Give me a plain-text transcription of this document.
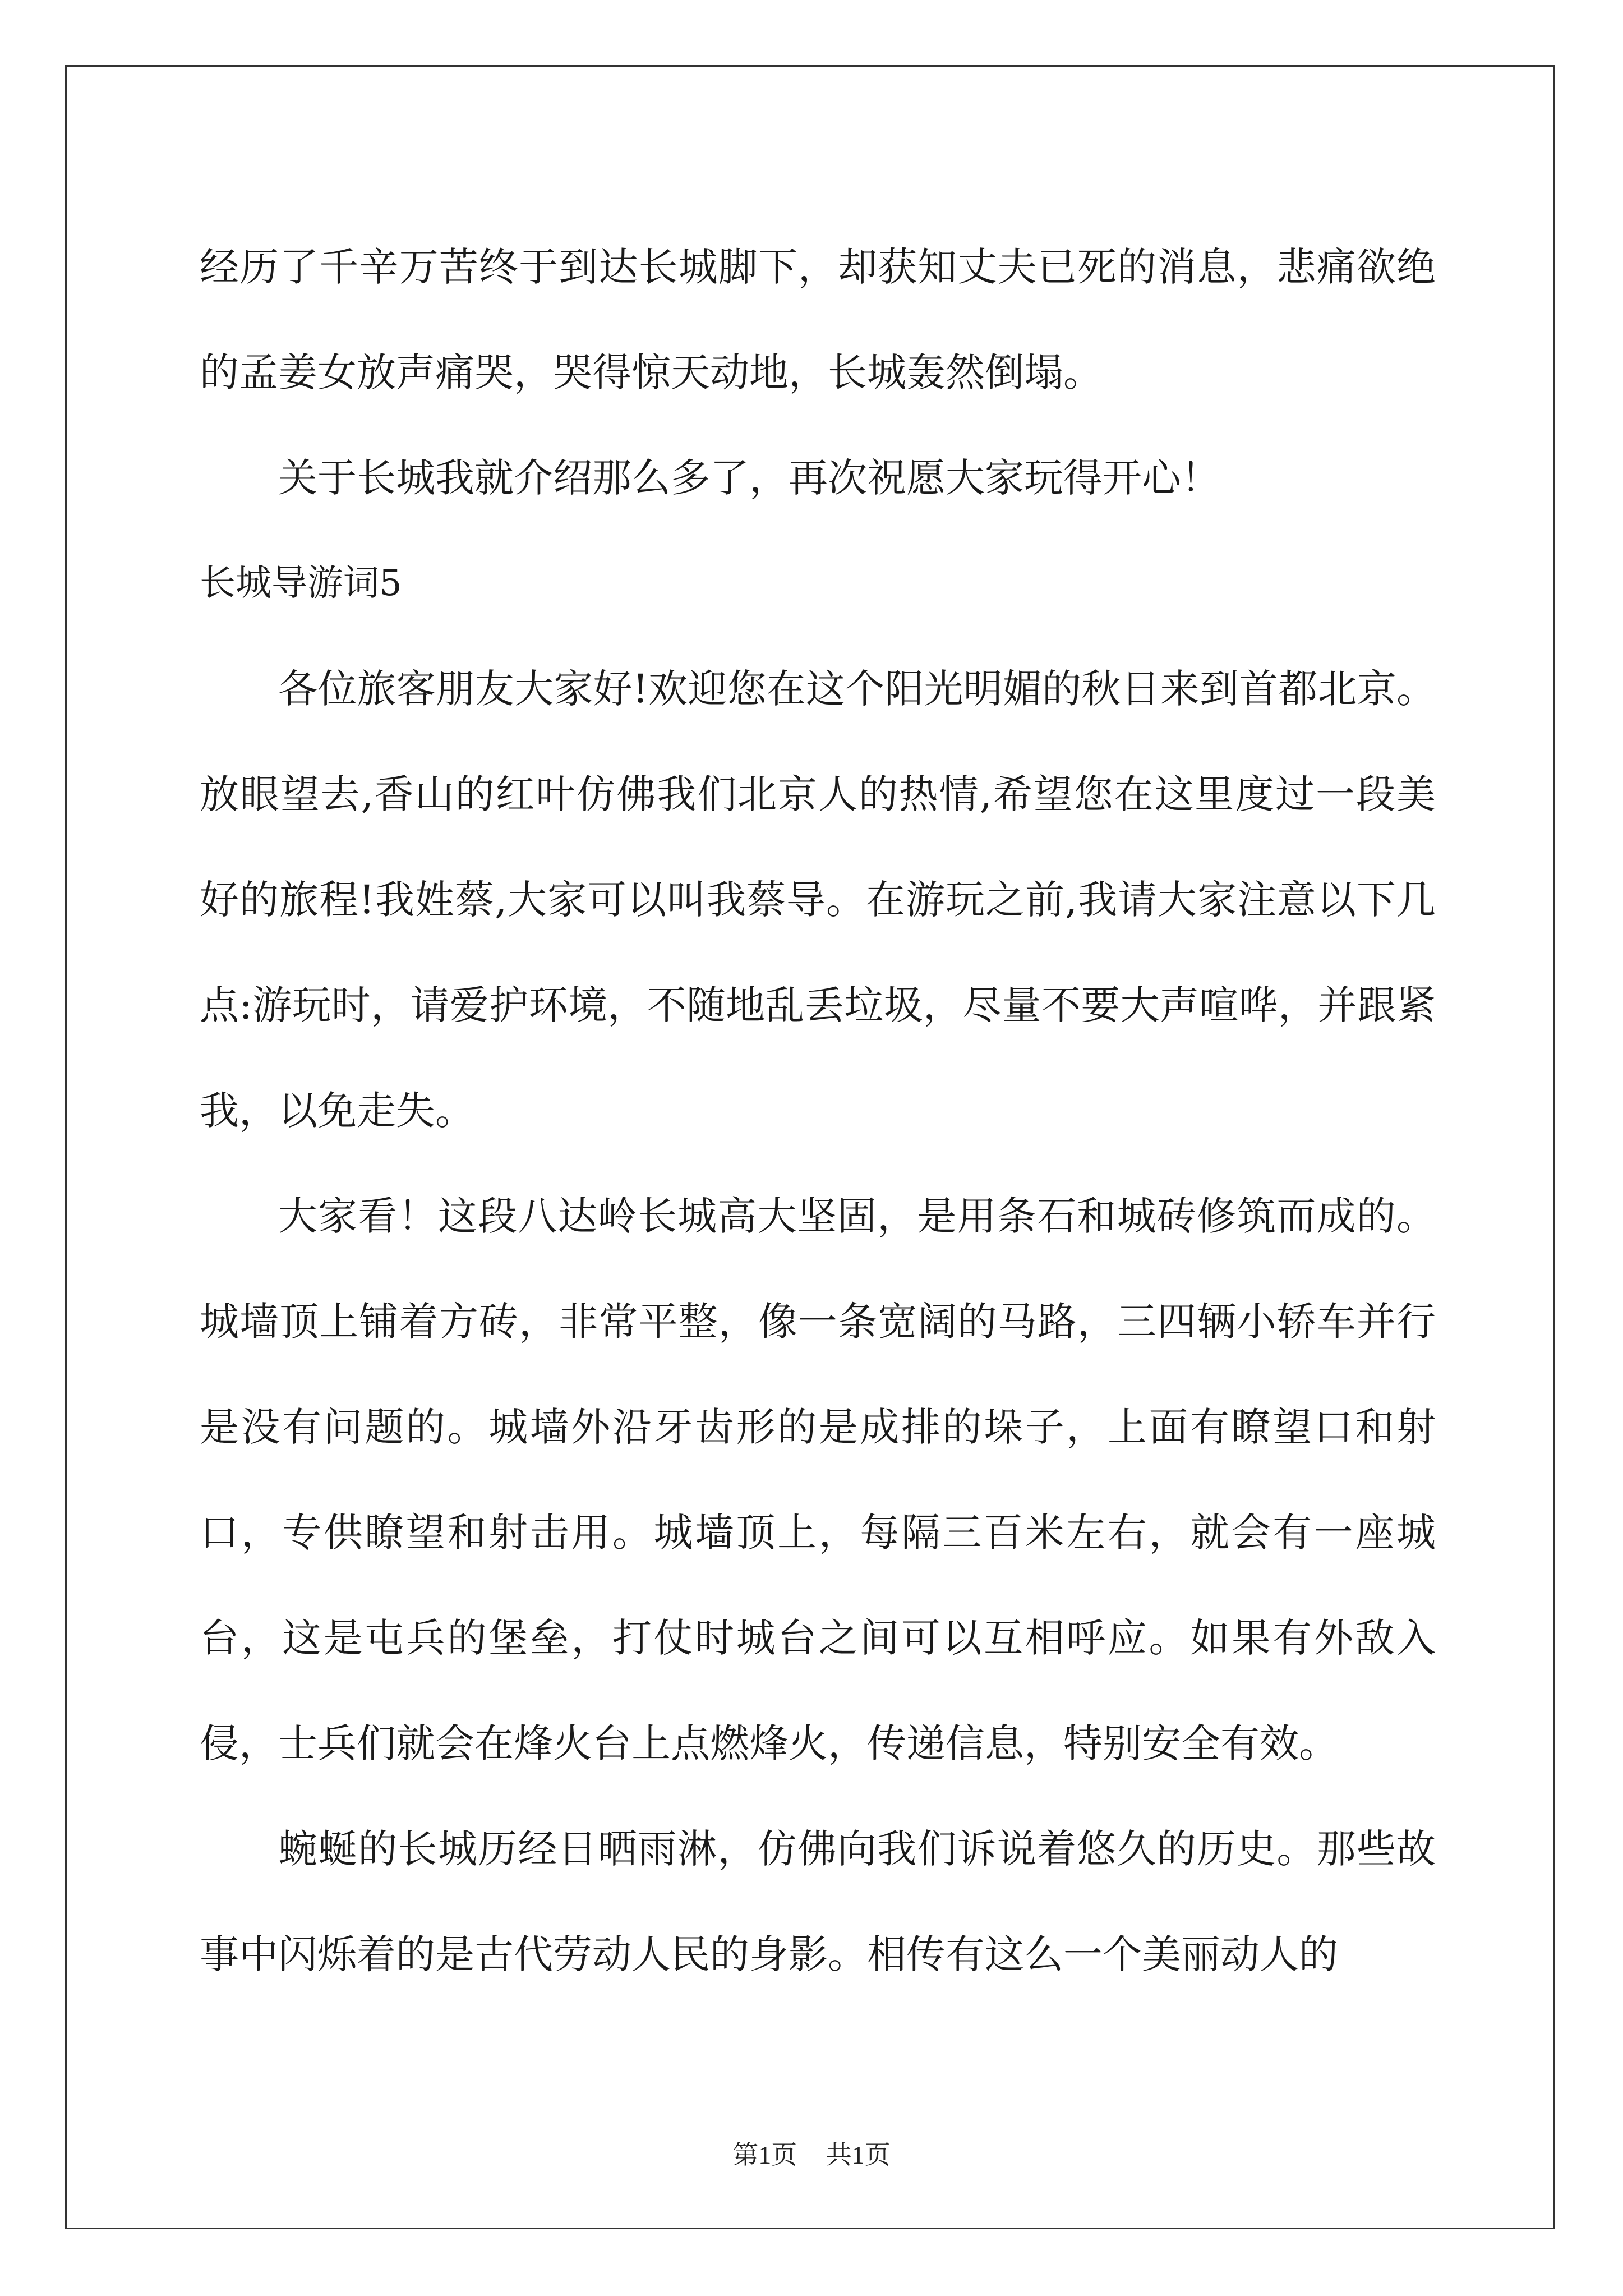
经历了千辛万苦终于到达长城脚下，却获知丈夫已死的消息，悲痛欲绝的孟姜女放声痛哭，哭得惊天动地，长城轰然倒塌。

关于长城我就介绍那么多了，再次祝愿大家玩得开心！

长城导游词5

各位旅客朋友大家好!欢迎您在这个阳光明媚的秋日来到首都北京。放眼望去,香山的红叶仿佛我们北京人的热情,希望您在这里度过一段美好的旅程!我姓蔡,大家可以叫我蔡导。在游玩之前,我请大家注意以下几点:游玩时，请爱护环境，不随地乱丢垃圾，尽量不要大声喧哗，并跟紧我，以免走失。

大家看！这段八达岭长城高大坚固，是用条石和城砖修筑而成的。城墙顶上铺着方砖，非常平整，像一条宽阔的马路，三四辆小轿车并行是没有问题的。城墙外沿牙齿形的是成排的垛子，上面有瞭望口和射口，专供瞭望和射击用。城墙顶上，每隔三百米左右，就会有一座城台，这是屯兵的堡垒，打仗时城台之间可以互相呼应。如果有外敌入侵，士兵们就会在烽火台上点燃烽火，传递信息，特别安全有效。

蜿蜒的长城历经日晒雨淋，仿佛向我们诉说着悠久的历史。那些故事中闪烁着的是古代劳动人民的身影。相传有这么一个美丽动人的

第1页 共1页
